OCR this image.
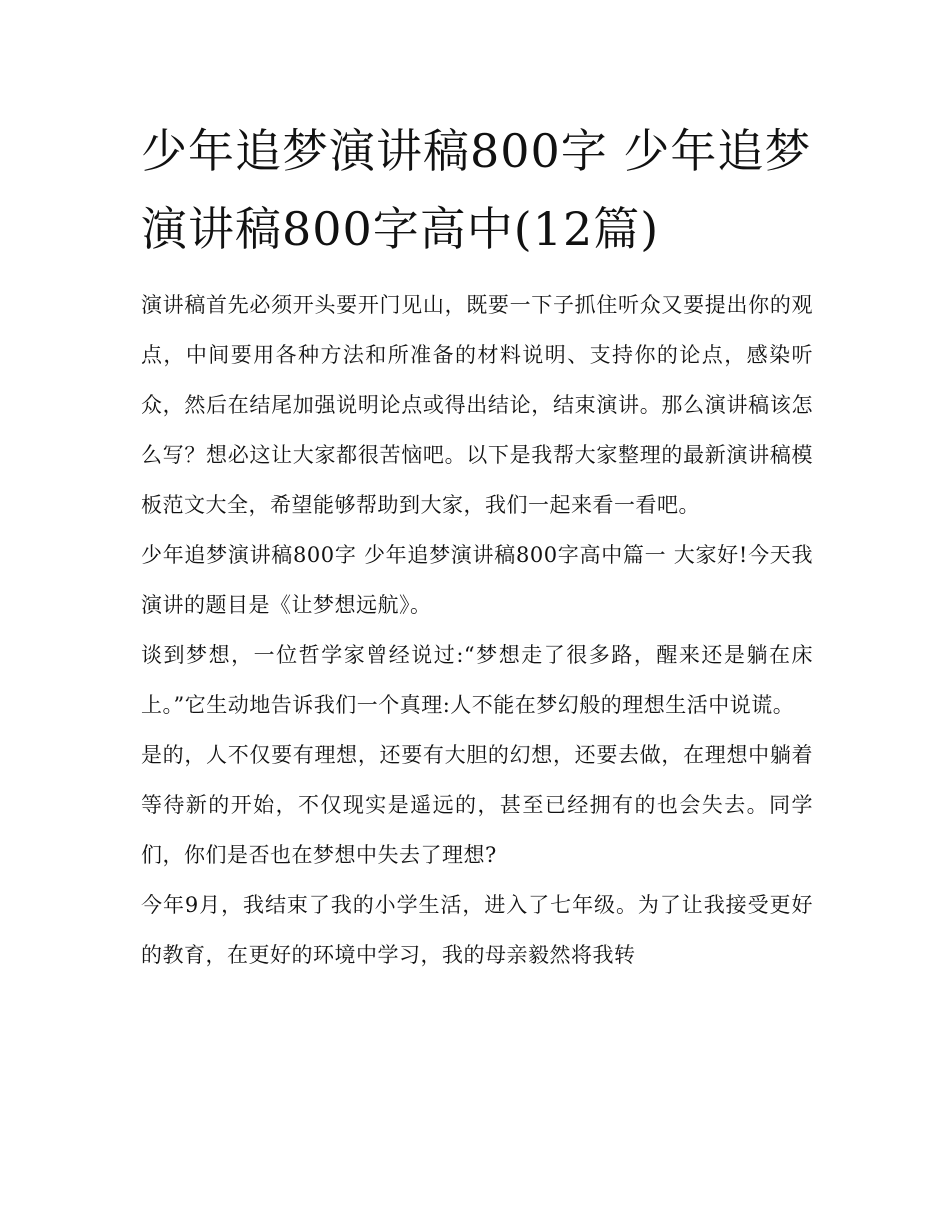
少年追梦演讲稿800字 少年追梦演讲稿800字高中(12篇)

演讲稿首先必须开头要开门见山，既要一下子抓住听众又要提出你的观点，中间要用各种方法和所准备的材料说明、支持你的论点，感染听众，然后在结尾加强说明论点或得出结论，结束演讲。那么演讲稿该怎么写？想必这让大家都很苦恼吧。以下是我帮大家整理的最新演讲稿模板范文大全，希望能够帮助到大家，我们一起来看一看吧。

少年追梦演讲稿800字 少年追梦演讲稿800字高中篇一 大家好!今天我演讲的题目是《让梦想远航》。

谈到梦想，一位哲学家曾经说过:“梦想走了很多路，醒来还是躺在床上。”它生动地告诉我们一个真理:人不能在梦幻般的理想生活中说谎。

是的，人不仅要有理想，还要有大胆的幻想，还要去做，在理想中躺着等待新的开始，不仅现实是遥远的，甚至已经拥有的也会失去。同学们，你们是否也在梦想中失去了理想?

今年9月，我结束了我的小学生活，进入了七年级。为了让我接受更好的教育，在更好的环境中学习，我的母亲毅然将我转
